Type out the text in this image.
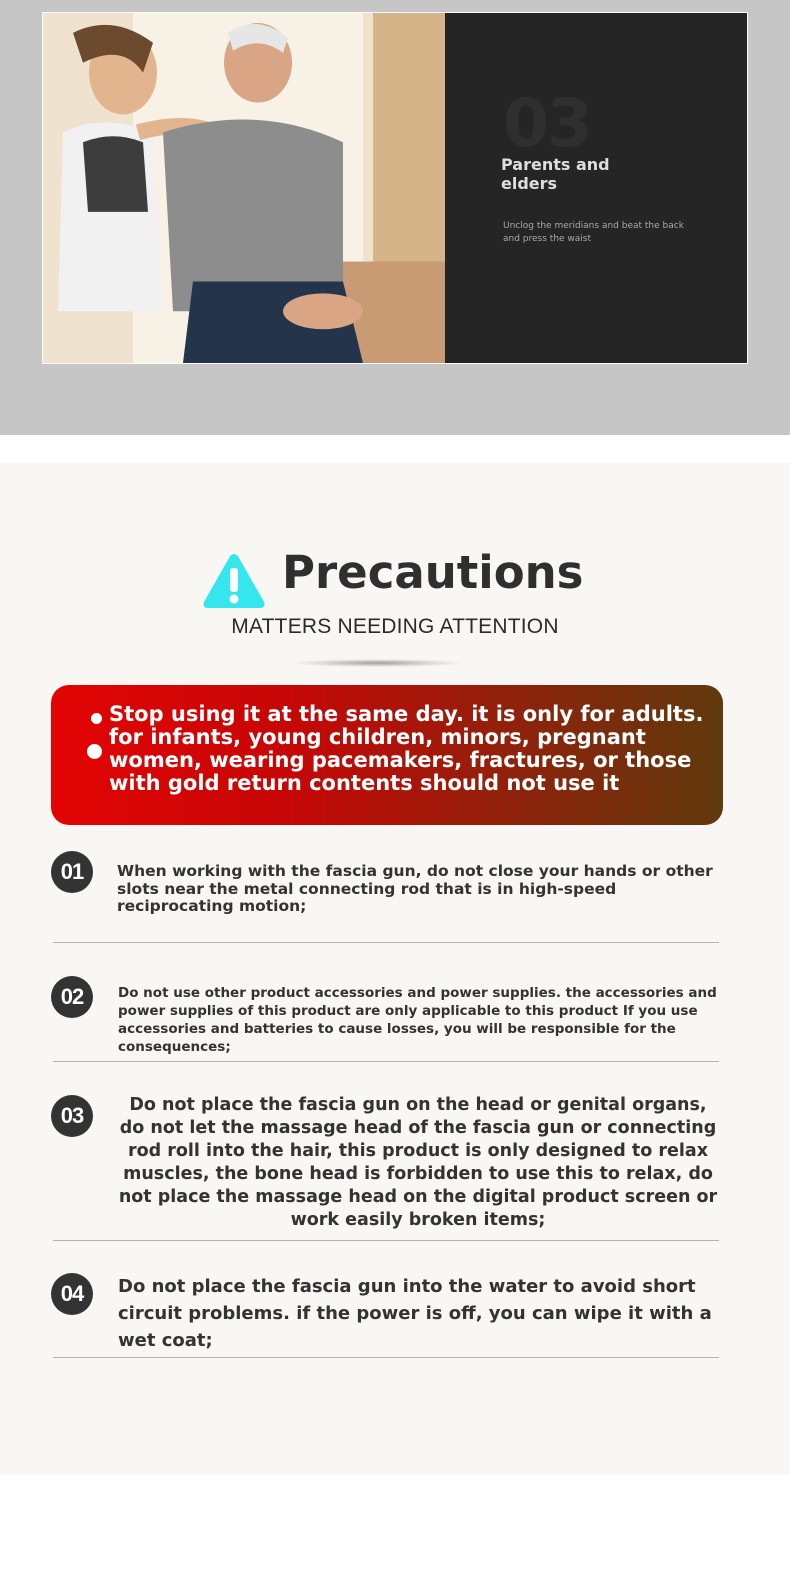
03
Parents and elders
Unclog the meridians and beat the back and press the waist
Precautions
MATTERS NEEDING ATTENTION
Stop using it at the same day. it is only for adults. for infants, young children, minors, pregnant women, wearing pacemakers, fractures, or those with gold return contents should not use it
01	When working with the fascia gun, do not close your hands or other slots near the metal connecting rod that is in high-speed reciprocating motion;
02	Do not use other product accessories and power supplies. the accessories and power supplies of this product are only applicable to this product If you use accessories and batteries to cause losses, you will be responsible for the consequences;
03	Do not place the fascia gun on the head or genital organs, do not let the massage head of the fascia gun or connecting rod roll into the hair, this product is only designed to relax muscles, the bone head is forbidden to use this to relax, do not place the massage head on the digital product screen or work easily broken items;
04	Do not place the fascia gun into the water to avoid short circuit problems. if the power is off, you can wipe it with a wet coat;
